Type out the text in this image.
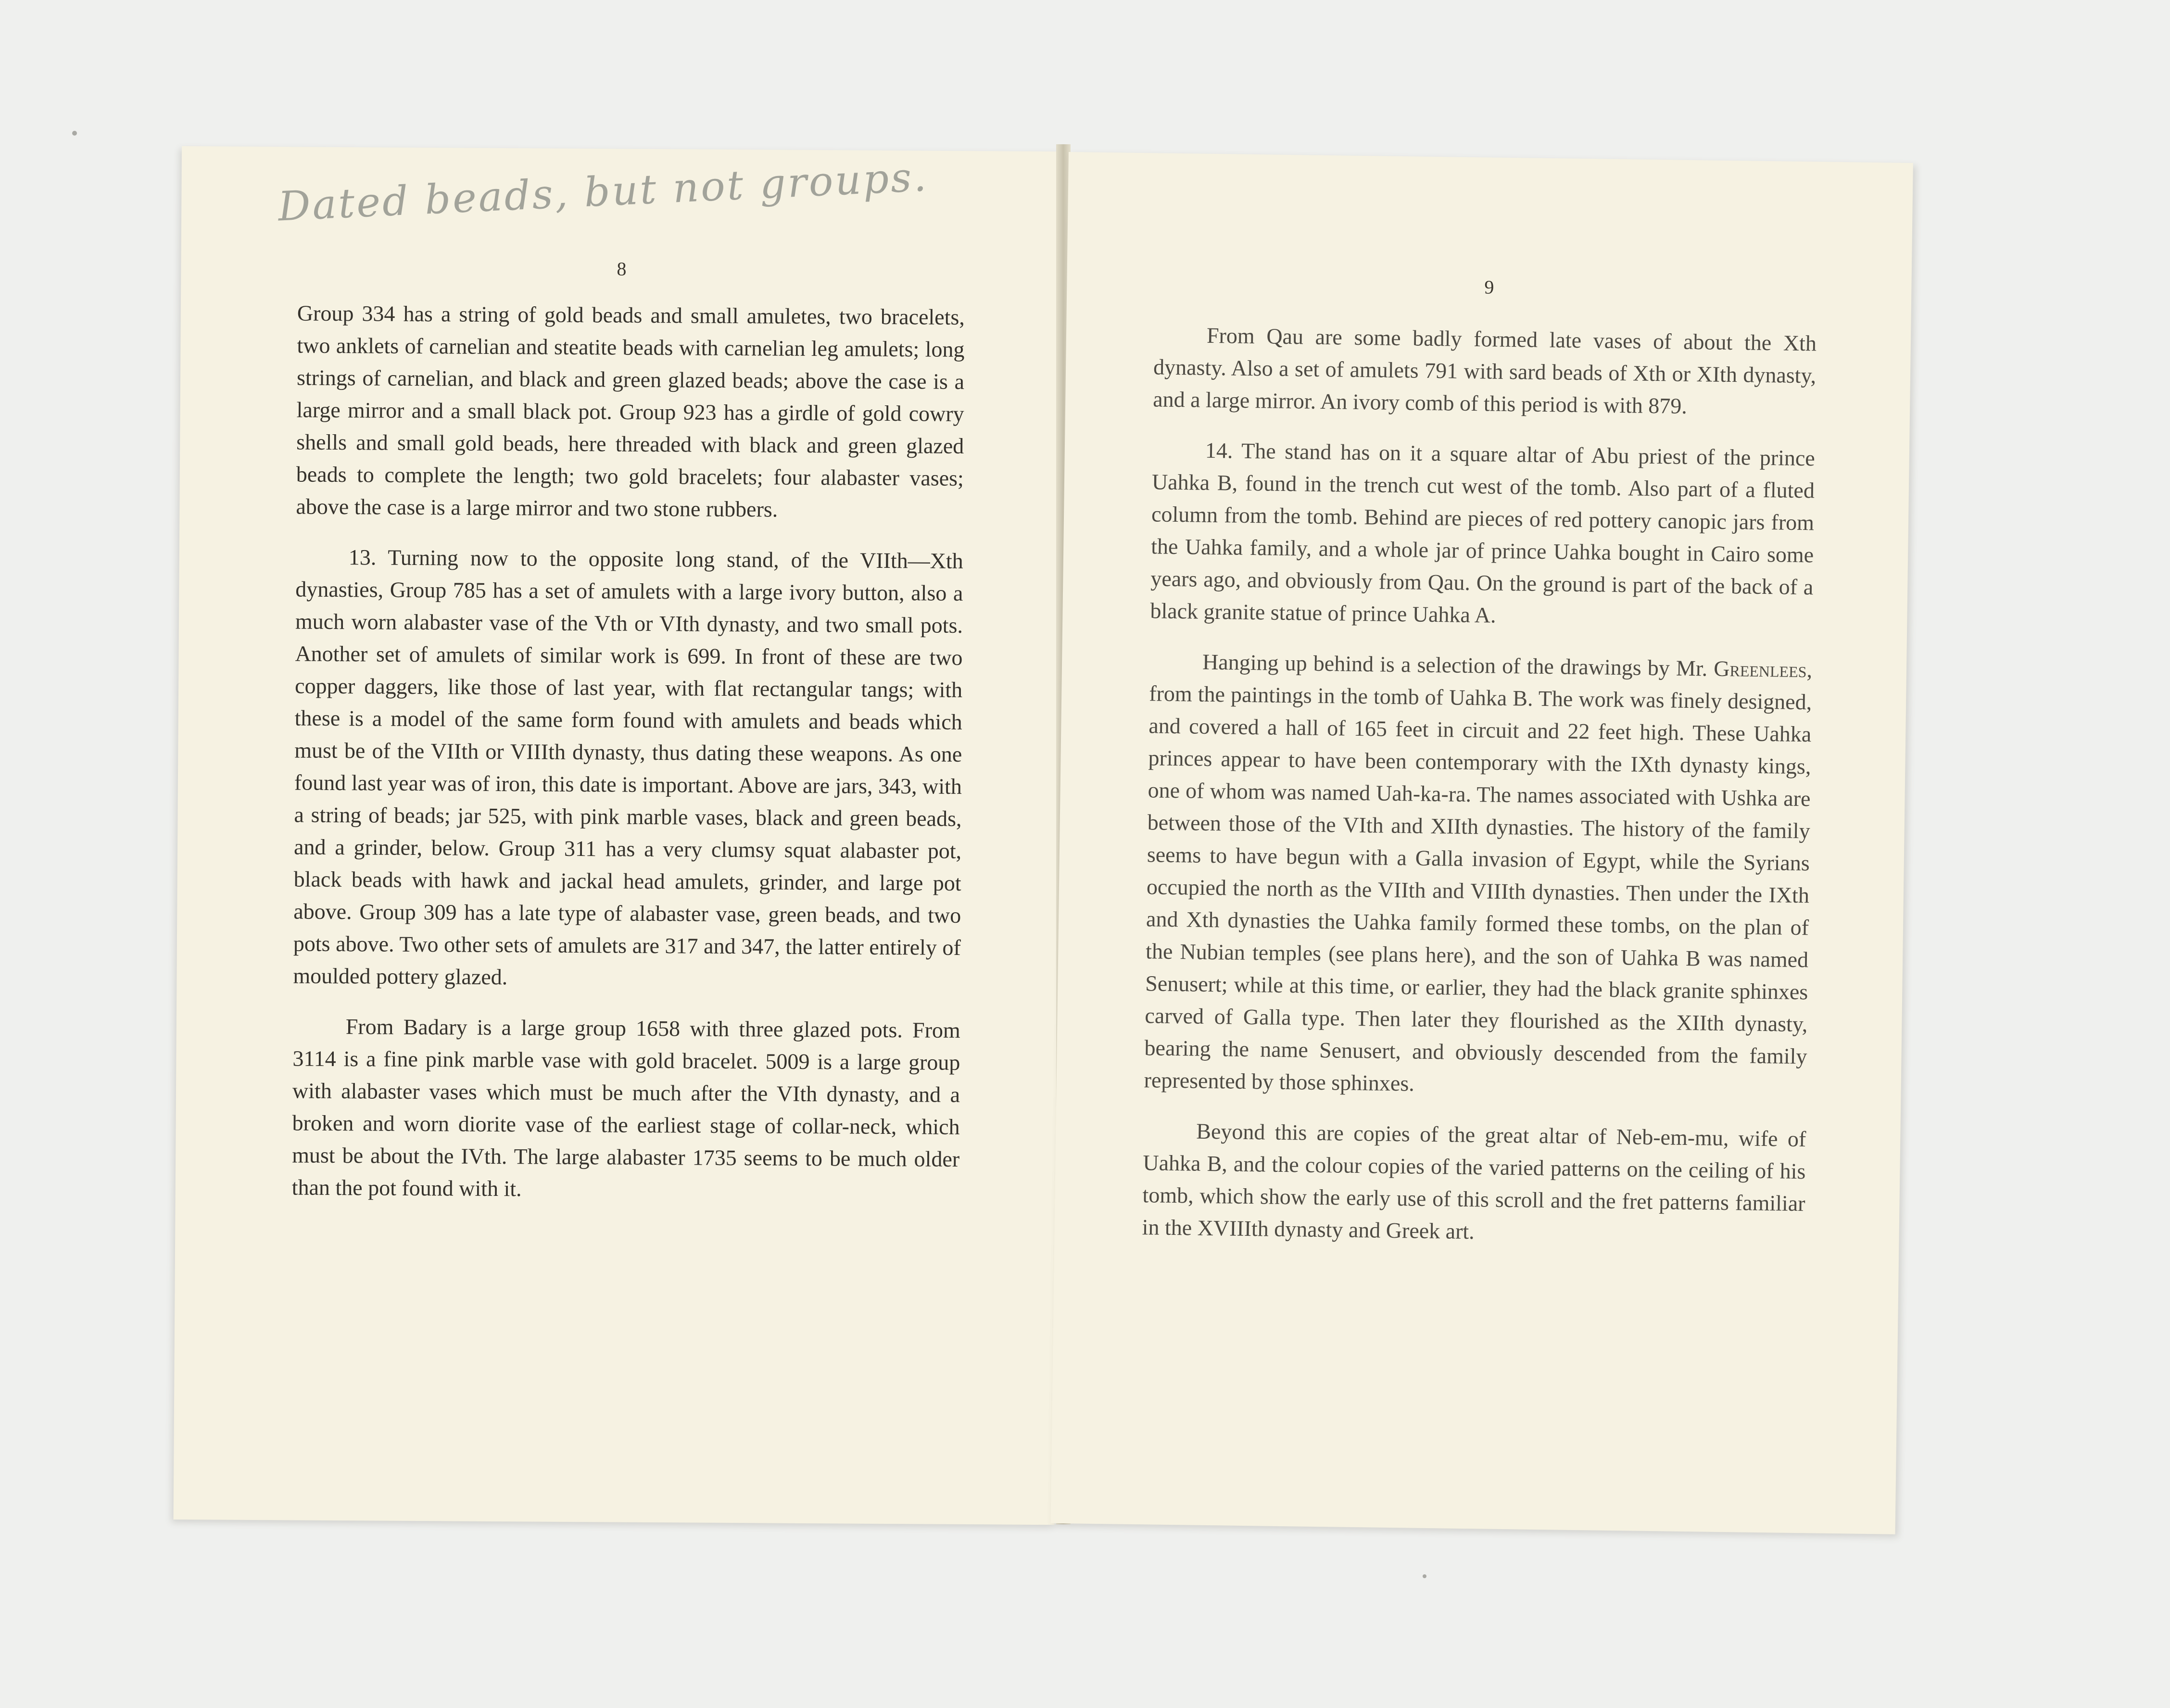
Dated beads, but not groups.
8

Group 334 has a string of gold beads and small amuletes, two bracelets, two anklets of carnelian and steatite beads with carnelian leg amulets; long strings of carnelian, and black and green glazed beads; above the case is a large mirror and a small black pot. Group 923 has a girdle of gold cowry shells and small gold beads, here threaded with black and green glazed beads to complete the length; two gold bracelets; four alabaster vases; above the case is a large mirror and two stone rubbers.

13. Turning now to the opposite long stand, of the VIIth—Xth dynasties, Group 785 has a set of amulets with a large ivory button, also a much worn alabaster vase of the Vth or VIth dynasty, and two small pots. Another set of amulets of similar work is 699. In front of these are two copper daggers, like those of last year, with flat rectangular tangs; with these is a model of the same form found with amulets and beads which must be of the VIIth or VIIIth dynasty, thus dating these weapons. As one found last year was of iron, this date is important. Above are jars, 343, with a string of beads; jar 525, with pink marble vases, black and green beads, and a grinder, below. Group 311 has a very clumsy squat alabaster pot, black beads with hawk and jackal head amulets, grinder, and large pot above. Group 309 has a late type of alabaster vase, green beads, and two pots above. Two other sets of amulets are 317 and 347, the latter entirely of moulded pottery glazed.

From Badary is a large group 1658 with three glazed pots. From 3114 is a fine pink marble vase with gold bracelet. 5009 is a large group with alabaster vases which must be much after the VIth dynasty, and a broken and worn diorite vase of the earliest stage of collar-neck, which must be about the IVth. The large alabaster 1735 seems to be much older than the pot found with it.

9

From Qau are some badly formed late vases of about the Xth dynasty. Also a set of amulets 791 with sard beads of Xth or XIth dynasty, and a large mirror. An ivory comb of this period is with 879.

14. The stand has on it a square altar of Abu priest of the prince Uahka B, found in the trench cut west of the tomb. Also part of a fluted column from the tomb. Behind are pieces of red pottery canopic jars from the Uahka family, and a whole jar of prince Uahka bought in Cairo some years ago, and obviously from Qau. On the ground is part of the back of a black granite statue of prince Uahka A.

Hanging up behind is a selection of the drawings by Mr. Greenlees, from the paintings in the tomb of Uahka B. The work was finely designed, and covered a hall of 165 feet in circuit and 22 feet high. These Uahka princes appear to have been contemporary with the IXth dynasty kings, one of whom was named Uah-ka-ra. The names associated with Ushka are between those of the VIth and XIIth dynasties. The history of the family seems to have begun with a Galla invasion of Egypt, while the Syrians occupied the north as the VIIth and VIIIth dynasties. Then under the IXth and Xth dynasties the Uahka family formed these tombs, on the plan of the Nubian temples (see plans here), and the son of Uahka B was named Senusert; while at this time, or earlier, they had the black granite sphinxes carved of Galla type. Then later they flourished as the XIIth dynasty, bearing the name Senusert, and obviously descended from the family represented by those sphinxes.

Beyond this are copies of the great altar of Neb-em-mu, wife of Uahka B, and the colour copies of the varied patterns on the ceiling of his tomb, which show the early use of this scroll and the fret patterns familiar in the XVIIIth dynasty and Greek art.
